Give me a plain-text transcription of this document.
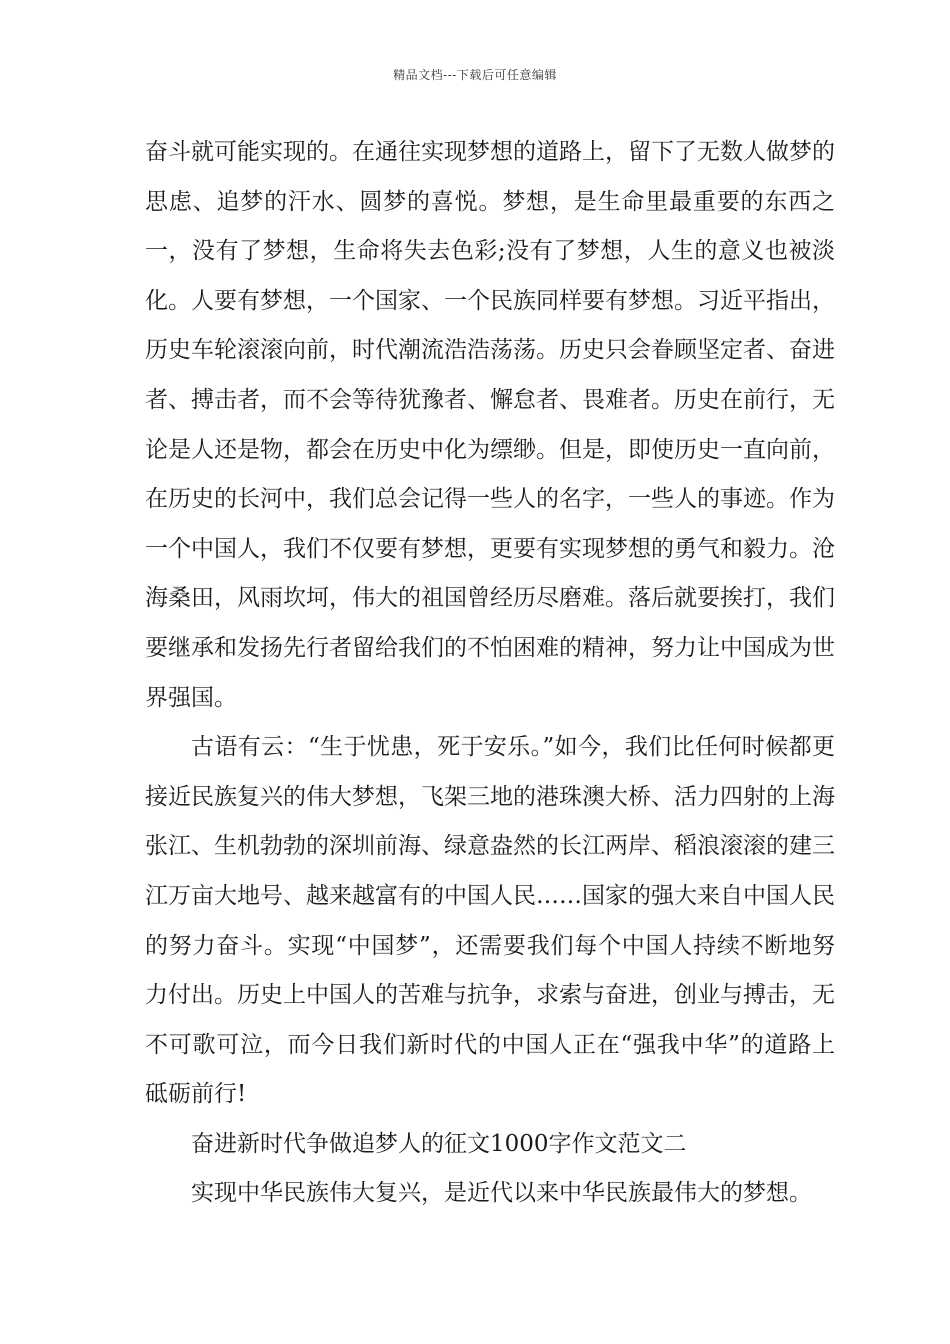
精品文档---下载后可任意编辑

奋斗就可能实现的。在通往实现梦想的道路上，留下了无数人做梦的思虑、追梦的汗水、圆梦的喜悦。梦想，是生命里最重要的东西之一，没有了梦想，生命将失去色彩;没有了梦想，人生的意义也被淡化。人要有梦想，一个国家、一个民族同样要有梦想。习近平指出，历史车轮滚滚向前，时代潮流浩浩荡荡。历史只会眷顾坚定者、奋进者、搏击者，而不会等待犹豫者、懈怠者、畏难者。历史在前行，无论是人还是物，都会在历史中化为缥缈。但是，即使历史一直向前，在历史的长河中，我们总会记得一些人的名字，一些人的事迹。作为一个中国人，我们不仅要有梦想，更要有实现梦想的勇气和毅力。沧海桑田，风雨坎坷，伟大的祖国曾经历尽磨难。落后就要挨打，我们要继承和发扬先行者留给我们的不怕困难的精神，努力让中国成为世界强国。

古语有云：“生于忧患，死于安乐。”如今，我们比任何时候都更接近民族复兴的伟大梦想，飞架三地的港珠澳大桥、活力四射的上海张江、生机勃勃的深圳前海、绿意盎然的长江两岸、稻浪滚滚的建三江万亩大地号、越来越富有的中国人民……国家的强大来自中国人民的努力奋斗。实现“中国梦”，还需要我们每个中国人持续不断地努力付出。历史上中国人的苦难与抗争，求索与奋进，创业与搏击，无不可歌可泣，而今日我们新时代的中国人正在“强我中华”的道路上砥砺前行!

奋进新时代争做追梦人的征文1000字作文范文二

实现中华民族伟大复兴，是近代以来中华民族最伟大的梦想。
